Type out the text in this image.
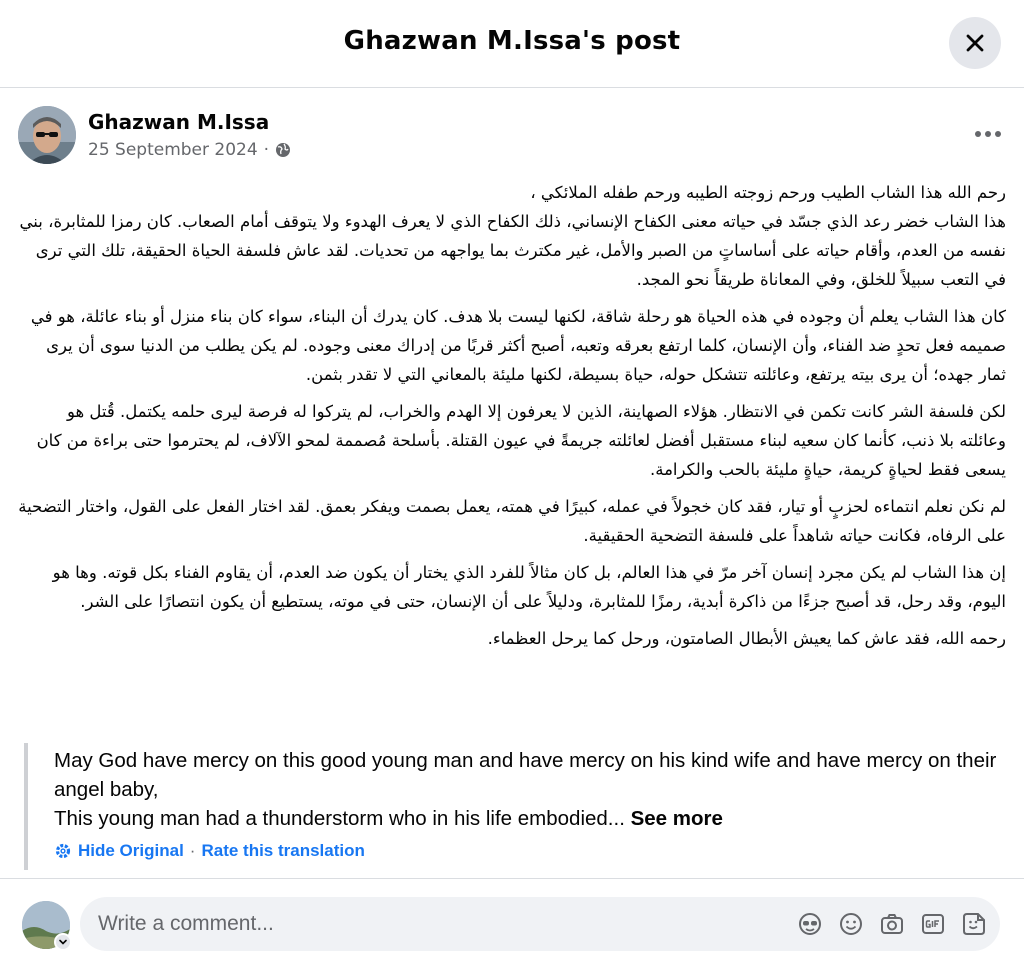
Ghazwan M.Issa's post
Ghazwan M.Issa
25 September 2024 ·

رحم الله هذا الشاب الطيب ورحم زوجته الطيبه ورحم طفله الملائكي ،
هذا الشاب خضر رعد الذي جسّد في حياته معنى الكفاح الإنساني، ذلك الكفاح الذي لا يعرف الهدوء ولا يتوقف أمام الصعاب. كان رمزا للمثابرة، بني نفسه من العدم، وأقام حياته على أساساتٍ من الصبر والأمل، غير مكترث بما يواجهه من تحديات. لقد عاش فلسفة الحياة الحقيقة، تلك التي ترى في التعب سبيلاً للخلق، وفي المعاناة طريقاً نحو المجد.

كان هذا الشاب يعلم أن وجوده في هذه الحياة هو رحلة شاقة، لكنها ليست بلا هدف. كان يدرك أن البناء، سواء كان بناء منزل أو بناء عائلة، هو في صميمه فعل تحدٍ ضد الفناء، وأن الإنسان، كلما ارتفع بعرقه وتعبه، أصبح أكثر قربًا من إدراك معنى وجوده. لم يكن يطلب من الدنيا سوى أن يرى ثمار جهده؛ أن يرى بيته يرتفع، وعائلته تتشكل حوله، حياة بسيطة، لكنها مليئة بالمعاني التي لا تقدر بثمن.

لكن فلسفة الشر كانت تكمن في الانتظار. هؤلاء الصهاينة، الذين لا يعرفون إلا الهدم والخراب، لم يتركوا له فرصة ليرى حلمه يكتمل. قُتل هو وعائلته بلا ذنب، كأنما كان سعيه لبناء مستقبل أفضل لعائلته جريمةً في عيون القتلة. بأسلحة مُصممة لمحو الآلاف، لم يحترموا حتى براءة من كان يسعى فقط لحياةٍ كريمة، حياةٍ مليئة بالحب والكرامة.

لم نكن نعلم انتماءه لحزبٍ أو تيار، فقد كان خجولاً في عمله، كبيرًا في همته، يعمل بصمت ويفكر بعمق. لقد اختار الفعل على القول، واختار التضحية على الرفاه، فكانت حياته شاهداً على فلسفة التضحية الحقيقية.

إن هذا الشاب لم يكن مجرد إنسان آخر مرّ في هذا العالم، بل كان مثالاً للفرد الذي يختار أن يكون ضد العدم، أن يقاوم الفناء بكل قوته. وها هو اليوم، وقد رحل، قد أصبح جزءًا من ذاكرة أبدية، رمزًا للمثابرة، ودليلاً على أن الإنسان، حتى في موته، يستطيع أن يكون انتصارًا على الشر.

رحمه الله، فقد عاش كما يعيش الأبطال الصامتون، ورحل كما يرحل العظماء.

May God have mercy on this good young man and have mercy on his kind wife and have mercy on their angel baby,
This young man had a thunderstorm who in his life embodied... See more
Hide Original · Rate this translation
Write a comment...
